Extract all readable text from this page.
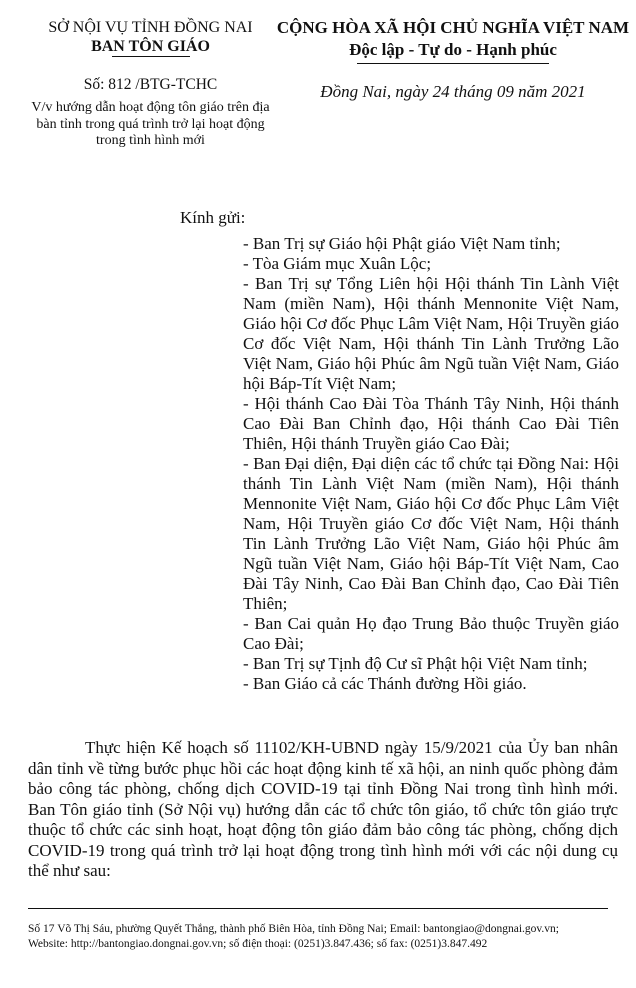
SỞ NỘI VỤ TỈNH ĐỒNG NAI
BAN TÔN GIÁO
Số: 812 /BTG-TCHC
V/v hướng dẫn hoạt động tôn giáo trên địa bàn tỉnh trong quá trình trở lại hoạt động trong tình hình mới
CỘNG HÒA XÃ HỘI CHỦ NGHĨA VIỆT NAM
Độc lập - Tự do - Hạnh phúc
Đồng Nai, ngày 24 tháng 09 năm 2021
Kính gửi:

- Ban Trị sự Giáo hội Phật giáo Việt Nam tỉnh;

- Tòa Giám mục Xuân Lộc;

- Ban Trị sự Tổng Liên hội Hội thánh Tin Lành Việt Nam (miền Nam), Hội thánh Mennonite Việt Nam, Giáo hội Cơ đốc Phục Lâm Việt Nam, Hội Truyền giáo Cơ đốc Việt Nam, Hội thánh Tin Lành Trưởng Lão Việt Nam, Giáo hội Phúc âm Ngũ tuần Việt Nam, Giáo hội Báp-Tít Việt Nam;

- Hội thánh Cao Đài Tòa Thánh Tây Ninh, Hội thánh Cao Đài Ban Chỉnh đạo, Hội thánh Cao Đài Tiên Thiên, Hội thánh Truyền giáo Cao Đài;

- Ban Đại diện, Đại diện các tổ chức tại Đồng Nai: Hội thánh Tin Lành Việt Nam (miền Nam), Hội thánh Mennonite Việt Nam, Giáo hội Cơ đốc Phục Lâm Việt Nam, Hội Truyền giáo Cơ đốc Việt Nam, Hội thánh Tin Lành Trưởng Lão Việt Nam, Giáo hội Phúc âm Ngũ tuần Việt Nam, Giáo hội Báp-Tít Việt Nam, Cao Đài Tây Ninh, Cao Đài Ban Chỉnh đạo, Cao Đài Tiên Thiên;

- Ban Cai quản Họ đạo Trung Bảo thuộc Truyền giáo Cao Đài;

- Ban Trị sự Tịnh độ Cư sĩ Phật hội Việt Nam tỉnh;

- Ban Giáo cả các Thánh đường Hồi giáo.

Thực hiện Kế hoạch số 11102/KH-UBND ngày 15/9/2021 của Ủy ban nhân dân tỉnh về từng bước phục hồi các hoạt động kinh tế xã hội, an ninh quốc phòng đảm bảo công tác phòng, chống dịch COVID-19 tại tỉnh Đồng Nai trong tình hình mới. Ban Tôn giáo tỉnh (Sở Nội vụ) hướng dẫn các tổ chức tôn giáo, tổ chức tôn giáo trực thuộc tổ chức các sinh hoạt, hoạt động tôn giáo đảm bảo công tác phòng, chống dịch COVID-19 trong quá trình trở lại hoạt động trong tình hình mới với các nội dung cụ thể như sau:

Số 17 Võ Thị Sáu, phường Quyết Thắng, thành phố Biên Hòa, tỉnh Đồng Nai; Email: bantongiao@dongnai.gov.vn;
Website: http://bantongiao.dongnai.gov.vn; số điện thoại: (0251)3.847.436; số fax: (0251)3.847.492
